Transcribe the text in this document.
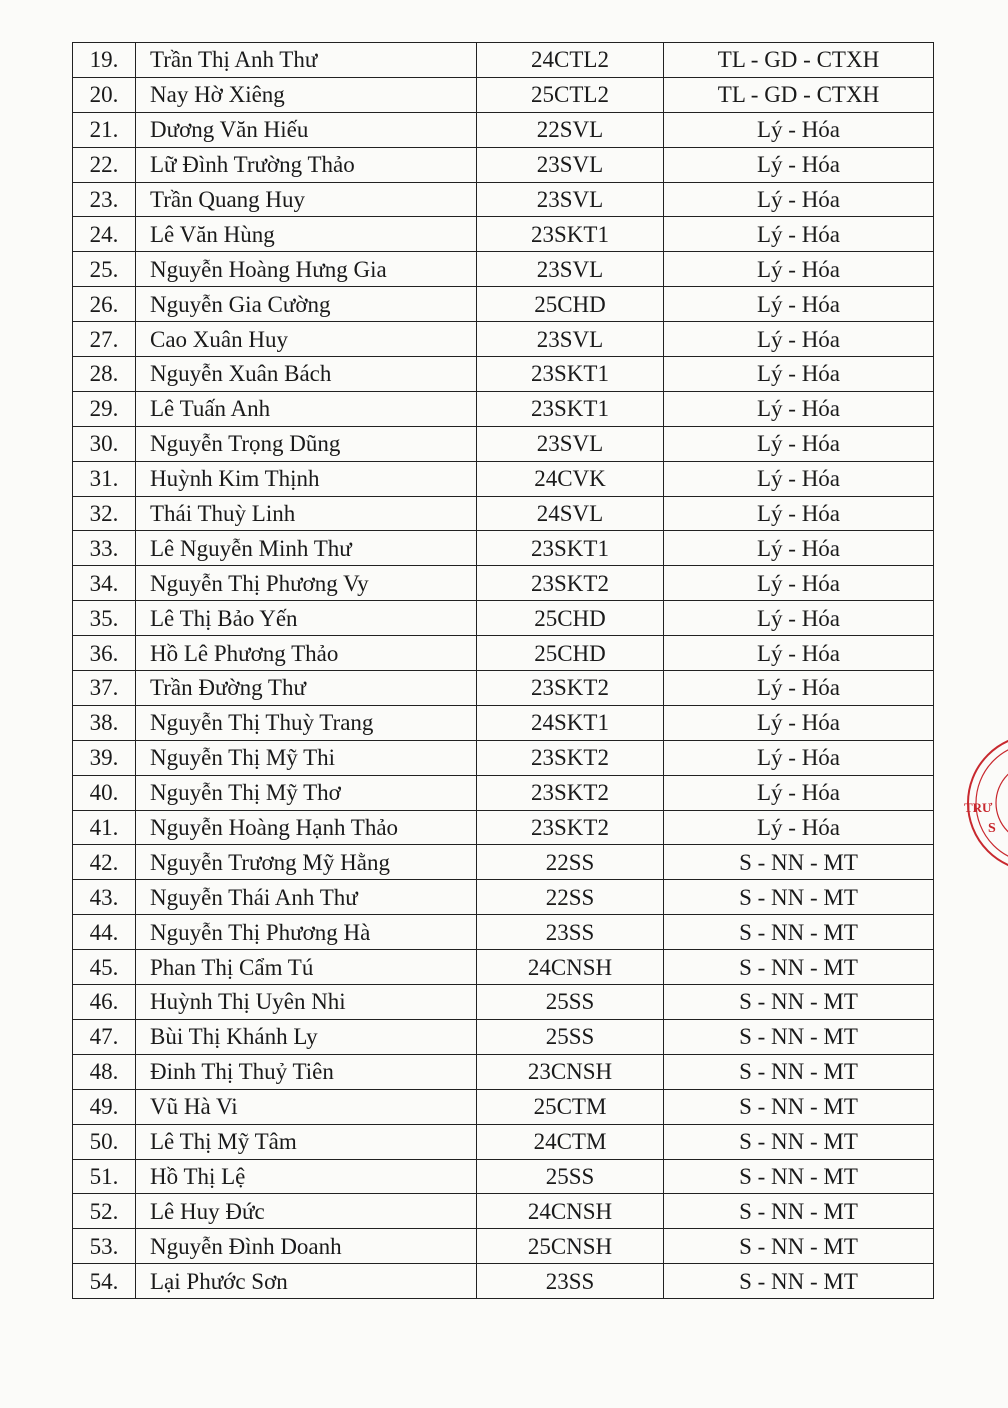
19.	Trần Thị Anh Thư	24CTL2	TL - GD - CTXH
20.	Nay Hờ Xiêng	25CTL2	TL - GD - CTXH
21.	Dương Văn Hiếu	22SVL	Lý - Hóa
22.	Lữ Đình Trường Thảo	23SVL	Lý - Hóa
23.	Trần Quang Huy	23SVL	Lý - Hóa
24.	Lê Văn Hùng	23SKT1	Lý - Hóa
25.	Nguyễn Hoàng Hưng Gia	23SVL	Lý - Hóa
26.	Nguyễn Gia Cường	25CHD	Lý - Hóa
27.	Cao Xuân Huy	23SVL	Lý - Hóa
28.	Nguyễn Xuân Bách	23SKT1	Lý - Hóa
29.	Lê Tuấn Anh	23SKT1	Lý - Hóa
30.	Nguyễn Trọng Dũng	23SVL	Lý - Hóa
31.	Huỳnh Kim Thịnh	24CVK	Lý - Hóa
32.	Thái Thuỳ Linh	24SVL	Lý - Hóa
33.	Lê Nguyễn Minh Thư	23SKT1	Lý - Hóa
34.	Nguyễn Thị Phương Vy	23SKT2	Lý - Hóa
35.	Lê Thị Bảo Yến	25CHD	Lý - Hóa
36.	Hồ Lê Phương Thảo	25CHD	Lý - Hóa
37.	Trần Đường Thư	23SKT2	Lý - Hóa
38.	Nguyễn Thị Thuỳ Trang	24SKT1	Lý - Hóa
39.	Nguyễn Thị Mỹ Thi	23SKT2	Lý - Hóa
40.	Nguyễn Thị Mỹ Thơ	23SKT2	Lý - Hóa
41.	Nguyễn Hoàng Hạnh Thảo	23SKT2	Lý - Hóa
42.	Nguyễn Trương Mỹ Hằng	22SS	S - NN - MT
43.	Nguyễn Thái Anh Thư	22SS	S - NN - MT
44.	Nguyễn Thị Phương Hà	23SS	S - NN - MT
45.	Phan Thị Cẩm Tú	24CNSH	S - NN - MT
46.	Huỳnh Thị Uyên Nhi	25SS	S - NN - MT
47.	Bùi Thị Khánh Ly	25SS	S - NN - MT
48.	Đinh Thị Thuỷ Tiên	23CNSH	S - NN - MT
49.	Vũ Hà Vi	25CTM	S - NN - MT
50.	Lê Thị Mỹ Tâm	24CTM	S - NN - MT
51.	Hồ Thị Lệ	25SS	S - NN - MT
52.	Lê Huy Đức	24CNSH	S - NN - MT
53.	Nguyễn Đình Doanh	25CNSH	S - NN - MT
54.	Lại Phước Sơn	23SS	S - NN - MT
TRƯ
S
